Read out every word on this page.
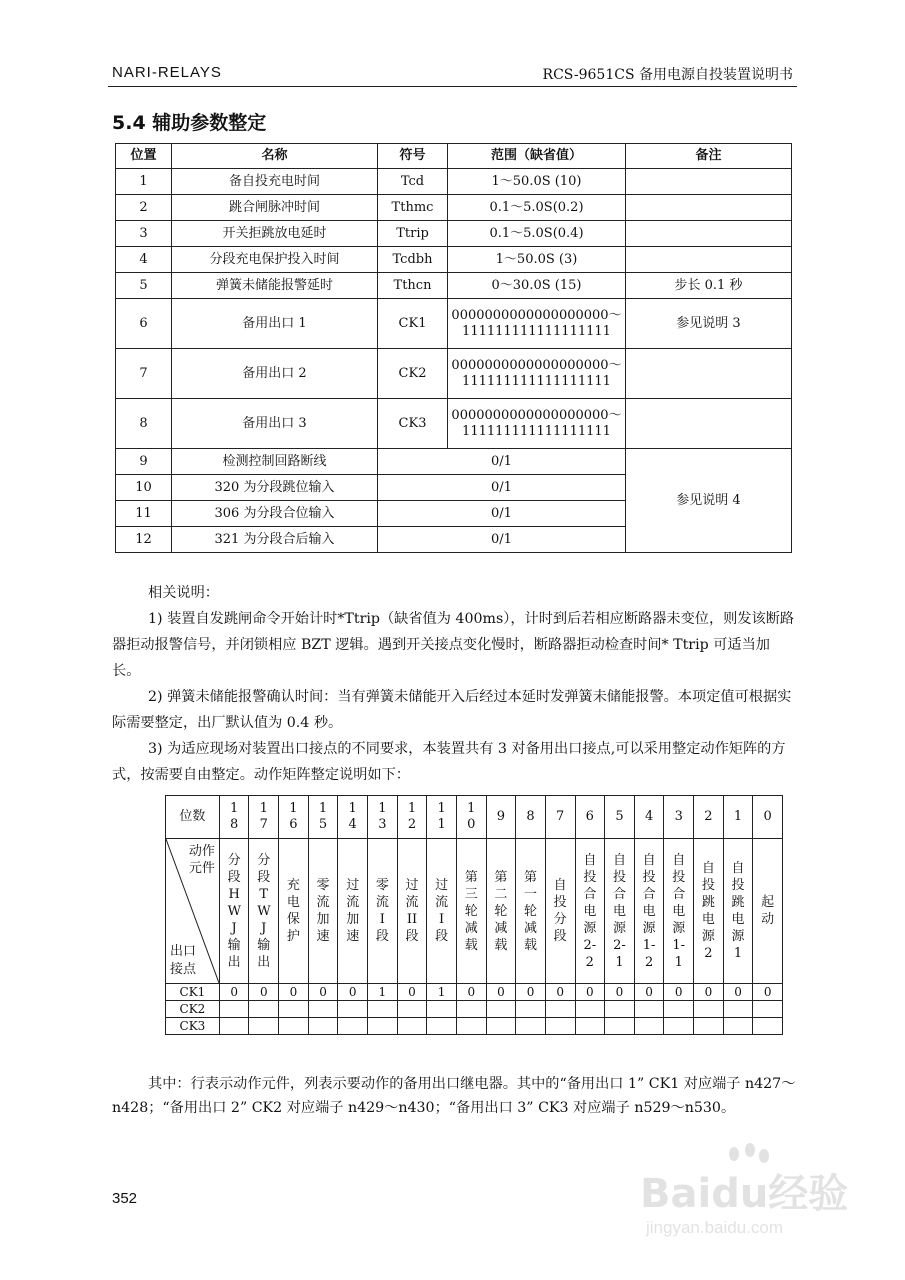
NARI-RELAYS	RCS-9651CS 备用电源自投装置说明书
5.4 辅助参数整定
位置	名称	符号	范围（缺省值）	备注
1	备自投充电时间	Tcd	1～50.0S (10)	
2	跳合闸脉冲时间	Tthmc	0.1～5.0S(0.2)	
3	开关拒跳放电延时	Ttrip	0.1～5.0S(0.4)	
4	分段充电保护投入时间	Tcdbh	1～50.0S (3)	
5	弹簧未储能报警延时	Tthcn	0～30.0S (15)	步长 0.1 秒
6	备用出口 1	CK1	0000000000000000000～
111111111111111111	参见说明 3
7	备用出口 2	CK2	0000000000000000000～
111111111111111111	

8	备用出口 3	CK3	0000000000000000000～
111111111111111111	

9	检测控制回路断线	0/1		参见说明 4
10	320 为分段跳位输入	0/1		
11	306 为分段合位输入	0/1		
12	321 为分段合后输入	0/1		

相关说明：

1) 装置自发跳闸命令开始计时*Ttrip（缺省值为 400ms），计时到后若相应断路器未变位，则发该断路器拒动报警信号，并闭锁相应 BZT 逻辑。遇到开关接点变化慢时，断路器拒动检查时间* Ttrip 可适当加长。

2) 弹簧未储能报警确认时间：当有弹簧未储能开入后经过本延时发弹簧未储能报警。本项定值可根据实际需要整定，出厂默认值为 0.4 秒。

3) 为适应现场对装置出口接点的不同要求，本装置共有 3 对备用出口接点,可以采用整定动作矩阵的方式，按需要自由整定。动作矩阵整定说明如下：

位数	18	17	16	15	14	13	12	11	10	9	8	7	6	5	4	3	2	1	0

动作元件
出口接点	分段HWJ输出	分段TWJ输出	充电保护	零流加速	过流加速	零流I段	过流II段	过流I段	第三轮减载	第二轮减载	第一轮减载	自投分段	自投合电源2-2	自投合电源2-1	自投合电源1-2	自投合电源1-1	自投跳电源2	自投跳电源1	起动
CK1	0	0	0	0	0	1	0	1	0	0	0	0	0	0	0	0	0	0	0
CK2																			
CK3																			

其中：行表示动作元件，列表示要动作的备用出口继电器。其中的“备用出口 1” CK1 对应端子 n427～n428；“备用出口 2” CK2 对应端子 n429～n430；“备用出口 3” CK3 对应端子 n529～n530。

352	Baidu经验
jingyan.baidu.com
